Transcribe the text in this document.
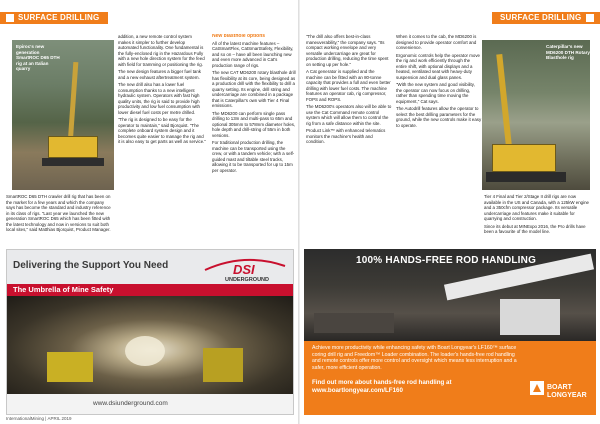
SURFACE DRILLING
Epiroc's new generation SmartROC D65 DTH rig at an Italian quarry

SmartROC D65 DTH crawler drill rig that has been on the market for a few years and which the company says has become the standard and industry reference in its class of rigs. "Last year we launched the new generation SmartROC D65 which has been fitted with the latest technology and now in versions to suit both local sites," said Matthias Bjorquist, Product Manager.

addition, a new remote control system makes it simpler to further develop automated functionality. One fundamental is the fully-enclosed rig in the Hazardous Fully with a new hole direction system for the feed with field for tramming or positioning the rig.

The new design features a bigger fuel tank and a new exhaust aftertreatment system.

The new drill also has a lower fuel consumption thanks to a new intelligent hydraulic system. Operators with fast high quality units, the rig is said to provide high productivity and low fuel consumption with lower diesel fuel costs per metre drilled.

"The rig is designed to be easy for the operator to maintain," said Bjorquist. "The complete onboard system design and it becomes quite easier to manage the rig and it is also easy to get parts as well as service."

New blasthole options

All of the latest machine features – CatSmartFlex, CatSmartSafety, Flexibility, and so on – have all been launching new and even more advanced in Cat's production range of rigs.

The new CAT MD6200 rotary blasthole drill has flexibility at its core, being designed as a production drill with the flexibility to drill a quarry setting. Its engine, drill string and undercarriage are combined in a package that is Caterpillar's own with Tier 4 Final emissions.

The MD6200 can perform single pass drilling to 13m and multi-pass to 65m and optional 305mm to 578mm diameter holes, hole depth and drill-string of 55m in both versions.

For traditional production drilling, the machine can be transported using the crew, or with a tandem vehicle; with a self-guided mast and tiltable steel tracks, allowing it to be transported for up to 15m per operator.

Delivering the Support You Need	DSI
UNDERGROUND
The Umbrella of Mine Safety
www.dsiunderground.com
InternationalMining | APRIL 2019
SURFACE DRILLING

"The drill also offers best-in-class maneuverability," the company says. "Its compact working envelope and very versatile undercarriage are great for production drilling, reducing the time spent on setting up per hole."

A Cat generator is supplied and the machine can be fitted with an 80-tonne capacity that provides a full and even better drilling with lower fuel costs. The machine features an operator cab, rig compressor, FOPS and ROPS.

The MD6200's operators also will be able to use the Cat Command remote control system which will allow them to control the rig from a safe distance within the site.

Product Link™ with enhanced telematics monitors the machine's health and condition.

When it comes to the cab, the MD6200 is designed to provide operator comfort and convenience.

Ergonomic controls help the operator move the rig and work efficiently through the entire shift, with optional displays and a heated, ventilated seat with heavy-duty suspension and dual glass panes.

"With the new system and good visibility, the operator can now focus on drilling, rather than spending time moving the equipment," Cat says.

The Autodrill features allow the operator to select the best drilling parameters for the ground, while the new controls make it easy to operate.

Caterpillar's new MD6200 DTH Rotary Blasthole rig

Tier 4 Final and Tier 2/Stage II drill rigs are now available in the US and Canada, with a 125kW engine and a 350cfm compressor package. Its versatile undercarriage and features make it suitable for quarrying and construction.

Since its debut at MINExpo 2016, the Pro drills have been a favourite of the model line.

100% HANDS-FREE ROD HANDLING
Achieve more productivity while enhancing safety with Boart Longyear's LF160™ surface coring drill rig and Freedom™ Loader combination. The loader's hands-free rod handling and remote controls offer more control and oversight which means less interruption and a safer, more efficient operation.
Find out more about hands-free rod handling at
www.boartlongyear.com/LF160	BOART
LONGYEAR
